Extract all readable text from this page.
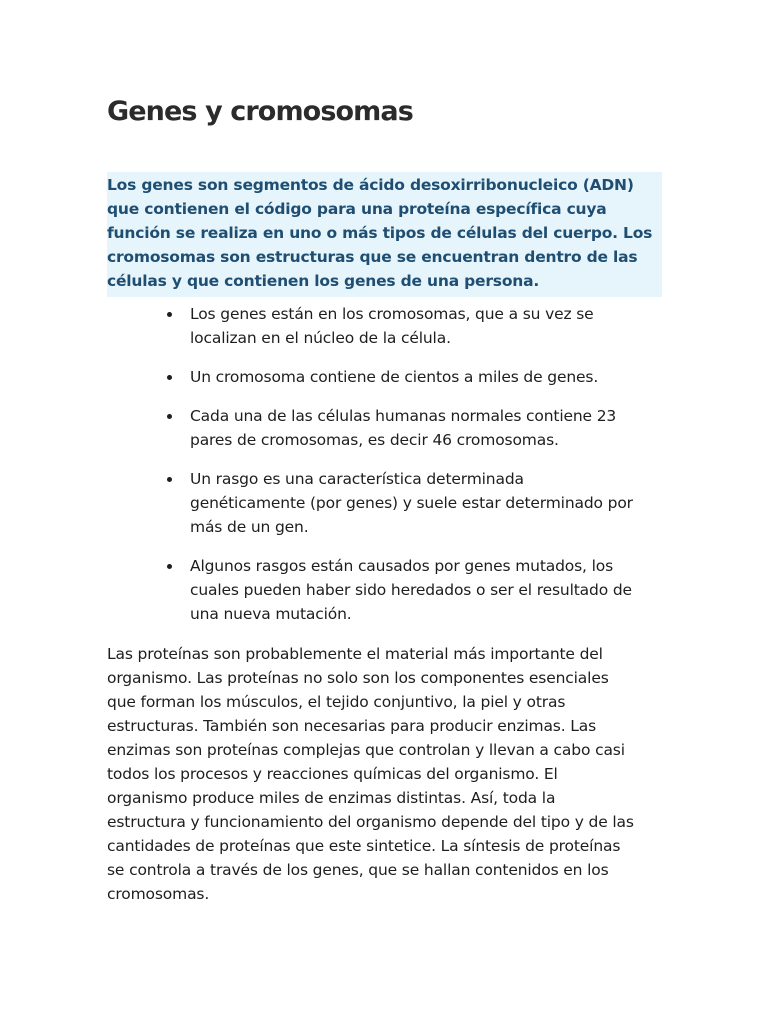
Genes y cromosomas
Los genes son segmentos de ácido desoxirribonucleico (ADN)
que contienen el código para una proteína específica cuya
función se realiza en uno o más tipos de células del cuerpo. Los
cromosomas son estructuras que se encuentran dentro de las
células y que contienen los genes de una persona.
Los genes están en los cromosomas, que a su vez se
localizan en el núcleo de la célula.
Un cromosoma contiene de cientos a miles de genes.
Cada una de las células humanas normales contiene 23
pares de cromosomas, es decir 46 cromosomas.
Un rasgo es una característica determinada
genéticamente (por genes) y suele estar determinado por
más de un gen.
Algunos rasgos están causados por genes mutados, los
cuales pueden haber sido heredados o ser el resultado de
una nueva mutación.
Las proteínas son probablemente el material más importante del
organismo. Las proteínas no solo son los componentes esenciales
que forman los músculos, el tejido conjuntivo, la piel y otras
estructuras. También son necesarias para producir enzimas. Las
enzimas son proteínas complejas que controlan y llevan a cabo casi
todos los procesos y reacciones químicas del organismo. El
organismo produce miles de enzimas distintas. Así, toda la
estructura y funcionamiento del organismo depende del tipo y de las
cantidades de proteínas que este sintetice. La síntesis de proteínas
se controla a través de los genes, que se hallan contenidos en los
cromosomas.
